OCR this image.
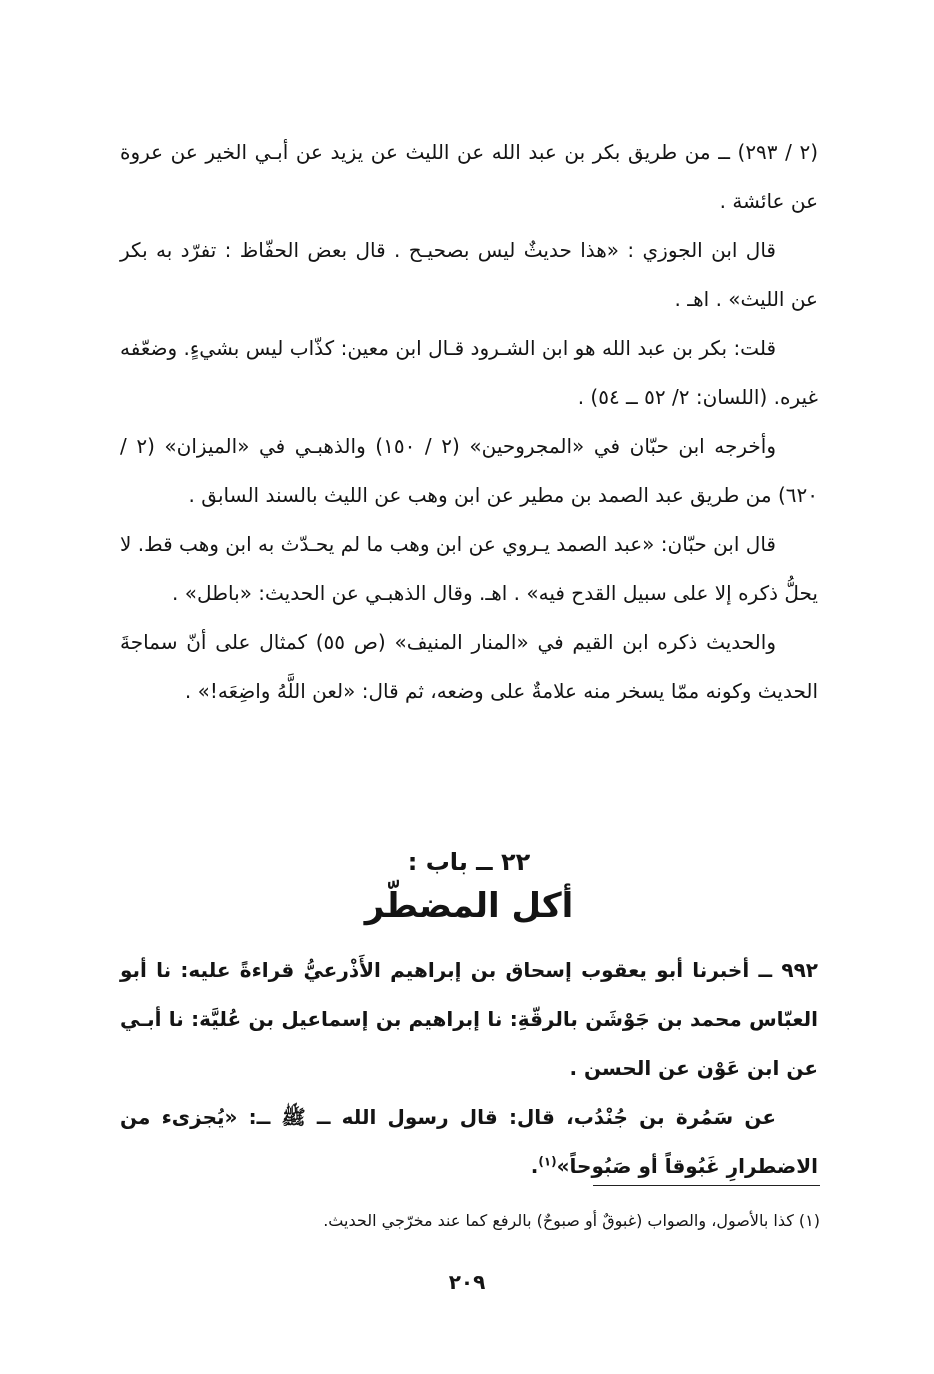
(٢ / ٢٩٣) ــ من طريق بكر بن عبد الله عن الليث عن يزيد عن أبـي الخير عن عروة عن عائشة .

قال ابن الجوزي : «هذا حديثٌ ليس بصحيـح . قال بعض الحفّاظ : تفرّد به بكر عن الليث» . اهـ .

قلت: بكر بن عبد الله هو ابن الشـرود قـال ابن معين: كذّاب ليس بشيءٍ. وضعّفه غيره. (اللسان: ٢/ ٥٢ ــ ٥٤) .

وأخرجه ابن حبّان في «المجروحين» (٢ / ١٥٠) والذهبـي في «الميزان» (٢ / ٦٢٠) من طريق عبد الصمد بن مطير عن ابن وهب عن الليث بالسند السابق .

قال ابن حبّان: «عبد الصمد يـروي عن ابن وهب ما لم يحـدّث به ابن وهب قط. لا يحلُّ ذكره إلا على سبيل القدح فيه» . اهـ. وقال الذهبـي عن الحديث: «باطل» .

والحديث ذكره ابن القيم في «المنار المنيف» (ص ٥٥) كمثال على أنّ سماجةَ الحديث وكونه ممّا يسخر منه علامةٌ على وضعه، ثم قال: «لعن اللَّهُ واضِعَه!» .

٢٢ ــ باب :

أكل المضطّر

٩٩٢ ــ أخبرنا أبو يعقوب إسحاق بن إبراهيم الأَذْرعيُّ قراءةً عليه: نا أبو العبّاس محمد بن جَوْشَن بالرقّةِ: نا إبراهيم بن إسماعيل بن عُليَّة: نا أبـي عن ابن عَوْن عن الحسن .

عن سَمُرة بن جُنْدُب، قال: قال رسول الله ــ ﷺ ــ: «يُجزىء من الاضطرارِ غَبُوقاً أو صَبُوحاً»$^{(١)}$.

(١) كذا بالأصول، والصواب (غبوقٌ أو صبوحٌ) بالرفع كما عند مخرّجي الحديث.

٢٠٩
